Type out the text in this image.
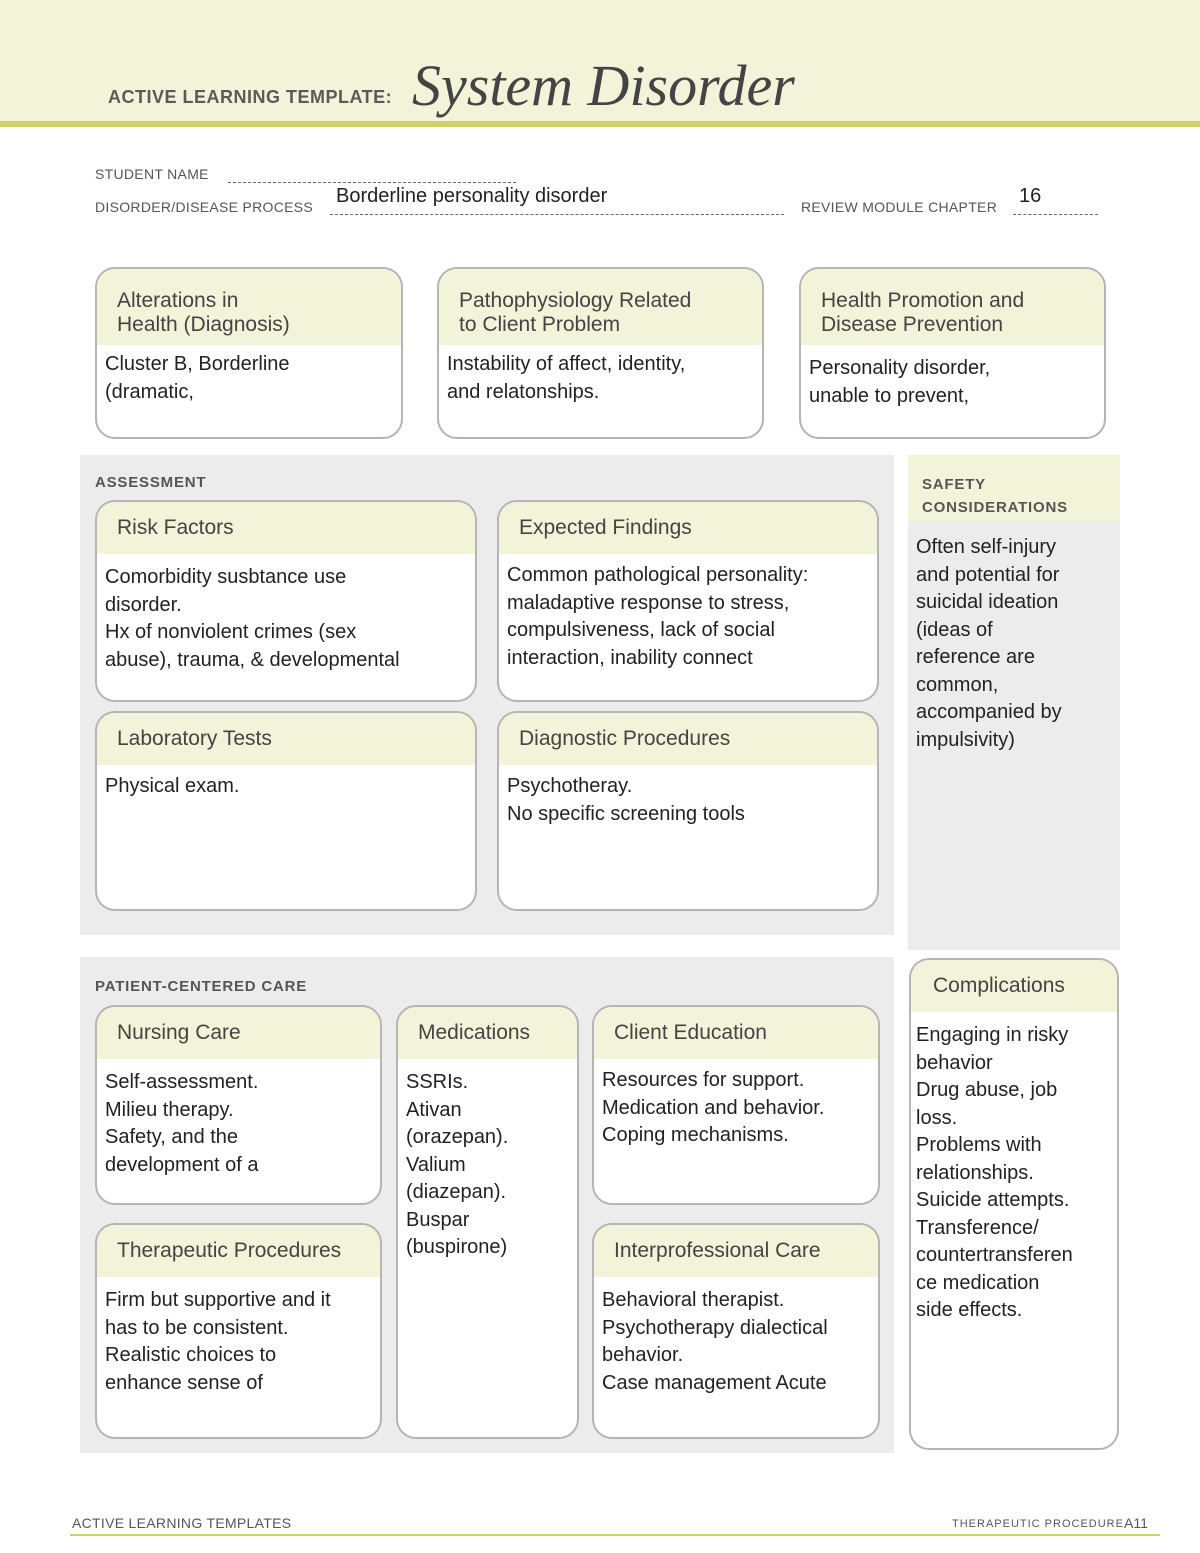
ACTIVE LEARNING TEMPLATE: System Disorder
STUDENT NAME
DISORDER/DISEASE PROCESS Borderline personality disorder	REVIEW MODULE CHAPTER 16
Alterations in
Health (Diagnosis)
Cluster B, Borderline
(dramatic,
Pathophysiology Related
to Client Problem
Instability of affect, identity,
and relatonships.
Health Promotion and
Disease Prevention
Personality disorder,
unable to prevent,
ASSESSMENT
Risk Factors
Comorbidity susbtance use
disorder.
Hx of nonviolent crimes (sex
abuse), trauma, & developmental
Expected Findings
Common pathological personality:
maladaptive response to stress,
compulsiveness, lack of social
interaction, inability connect
Laboratory Tests
Physical exam.
Diagnostic Procedures
Psychotheray.
No specific screening tools
SAFETY
CONSIDERATIONS
Often self-injury
and potential for
suicidal ideation
(ideas of
reference are
common,
accompanied by
impulsivity)
PATIENT-CENTERED CARE
Nursing Care
Self-assessment.
Milieu therapy.
Safety, and the
development of a
Medications
SSRIs.
Ativan
(orazepan).
Valium
(diazepan).
Buspar
(buspirone)
Client Education
Resources for support.
Medication and behavior.
Coping mechanisms.
Therapeutic Procedures
Firm but supportive and it
has to be consistent.
Realistic choices to
enhance sense of
Interprofessional Care
Behavioral therapist.
Psychotherapy dialectical
behavior.
Case management Acute
Complications
Engaging in risky
behavior
Drug abuse, job
loss.
Problems with
relationships.
Suicide attempts.
Transference/
countertransferen
ce medication
side effects.
ACTIVE LEARNING TEMPLATES	THERAPEUTIC PROCEDURE A11
